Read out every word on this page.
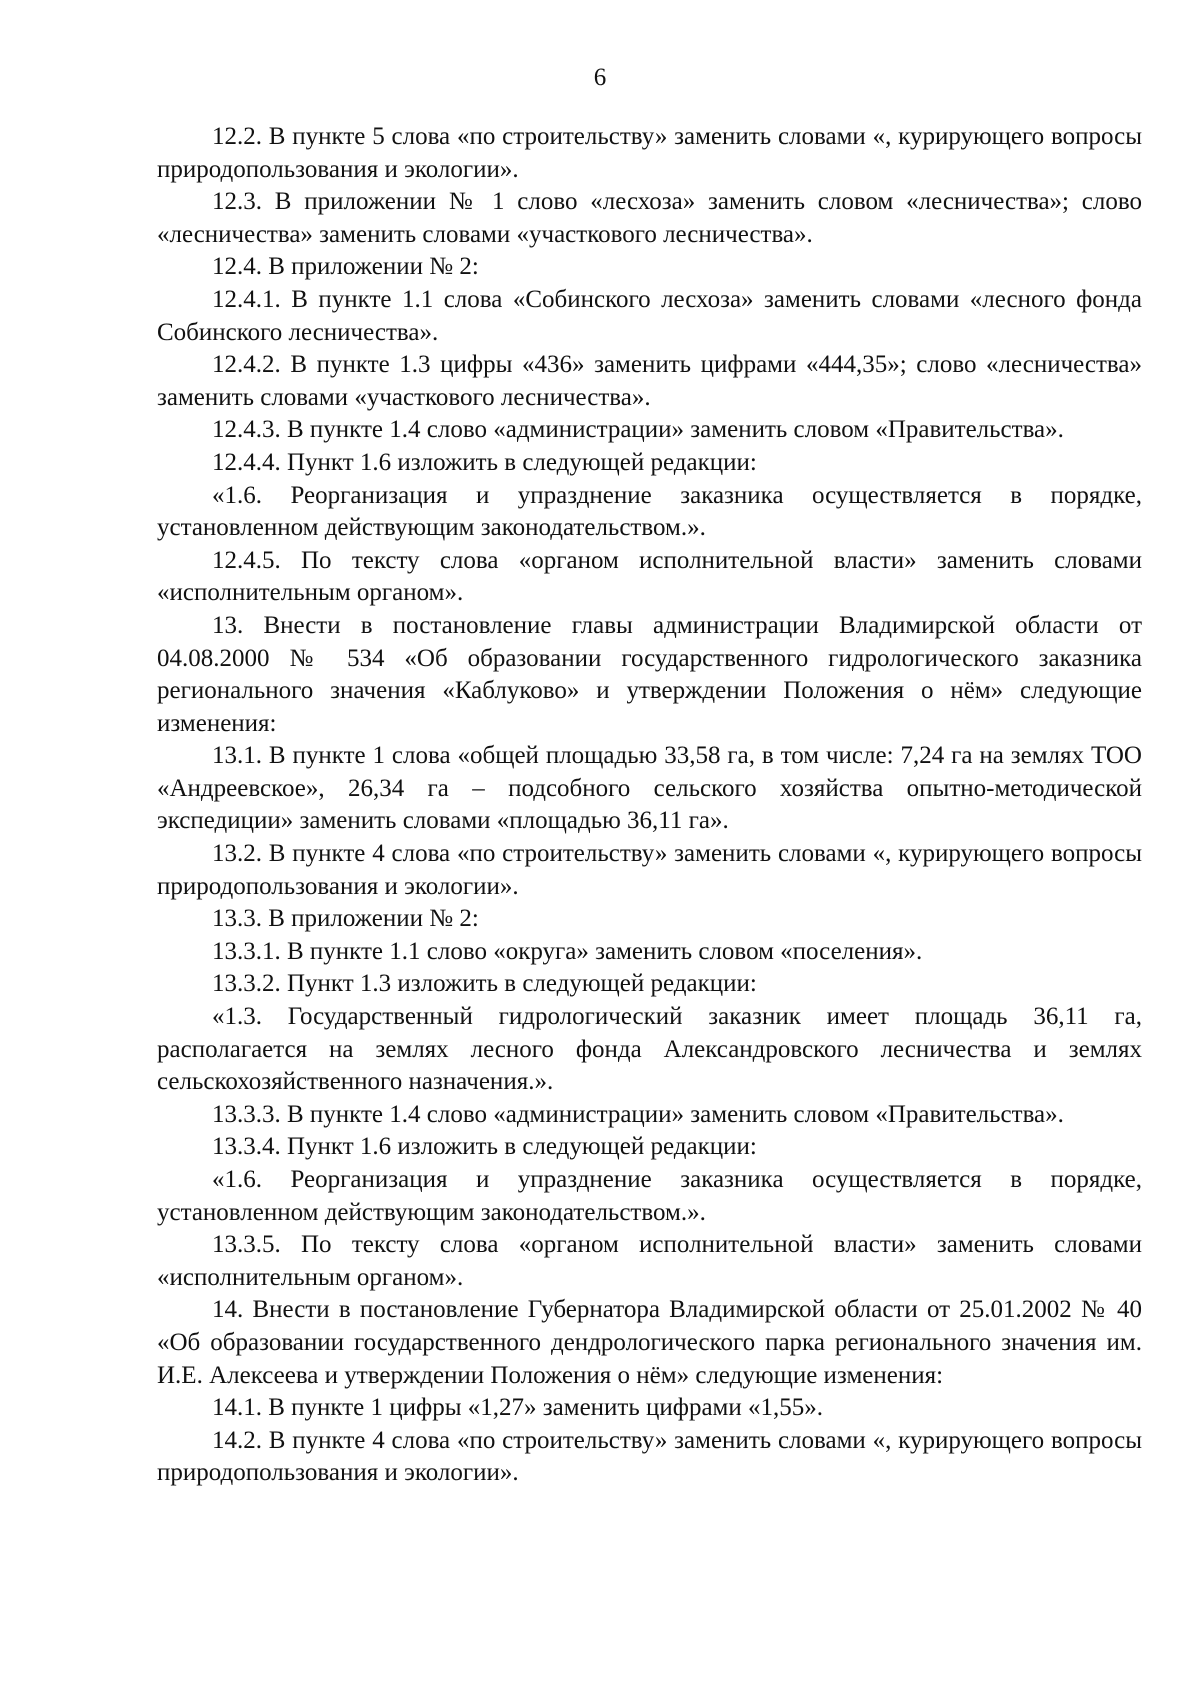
6

12.2. В пункте 5 слова «по строительству» заменить словами «, курирующего вопросы природопользования и экологии».

12.3. В приложении № 1 слово «лесхоза» заменить словом «лесничества»; слово «лесничества» заменить словами «участкового лесничества».

12.4. В приложении № 2:

12.4.1. В пункте 1.1 слова «Собинского лесхоза» заменить словами «лесного фонда Собинского лесничества».

12.4.2. В пункте 1.3 цифры «436» заменить цифрами «444,35»; слово «лесничества» заменить словами «участкового лесничества».

12.4.3. В пункте 1.4 слово «администрации» заменить словом «Правительства».

12.4.4. Пункт 1.6 изложить в следующей редакции:

«1.6. Реорганизация и упразднение заказника осуществляется в порядке, установленном действующим законодательством.».

12.4.5. По тексту слова «органом исполнительной власти» заменить словами «исполнительным органом».

13. Внести в постановление главы администрации Владимирской области от 04.08.2000 № 534 «Об образовании государственного гидрологического заказника регионального значения «Каблуково» и утверждении Положения о нём» следующие изменения:

13.1. В пункте 1 слова «общей площадью 33,58 га, в том числе: 7,24 га на землях ТОО «Андреевское», 26,34 га – подсобного сельского хозяйства опытно-методической экспедиции» заменить словами «площадью 36,11 га».

13.2. В пункте 4 слова «по строительству» заменить словами «, курирующего вопросы природопользования и экологии».

13.3. В приложении № 2:

13.3.1. В пункте 1.1 слово «округа» заменить словом «поселения».

13.3.2. Пункт 1.3 изложить в следующей редакции:

«1.3. Государственный гидрологический заказник имеет площадь 36,11 га, располагается на землях лесного фонда Александровского лесничества и землях сельскохозяйственного назначения.».

13.3.3. В пункте 1.4 слово «администрации» заменить словом «Правительства».

13.3.4. Пункт 1.6 изложить в следующей редакции:

«1.6. Реорганизация и упразднение заказника осуществляется в порядке, установленном действующим законодательством.».

13.3.5. По тексту слова «органом исполнительной власти» заменить словами «исполнительным органом».

14. Внести в постановление Губернатора Владимирской области от 25.01.2002 № 40 «Об образовании государственного дендрологического парка регионального значения им. И.Е. Алексеева и утверждении Положения о нём» следующие изменения:

14.1. В пункте 1 цифры «1,27» заменить цифрами «1,55».

14.2. В пункте 4 слова «по строительству» заменить словами «, курирующего вопросы природопользования и экологии».
